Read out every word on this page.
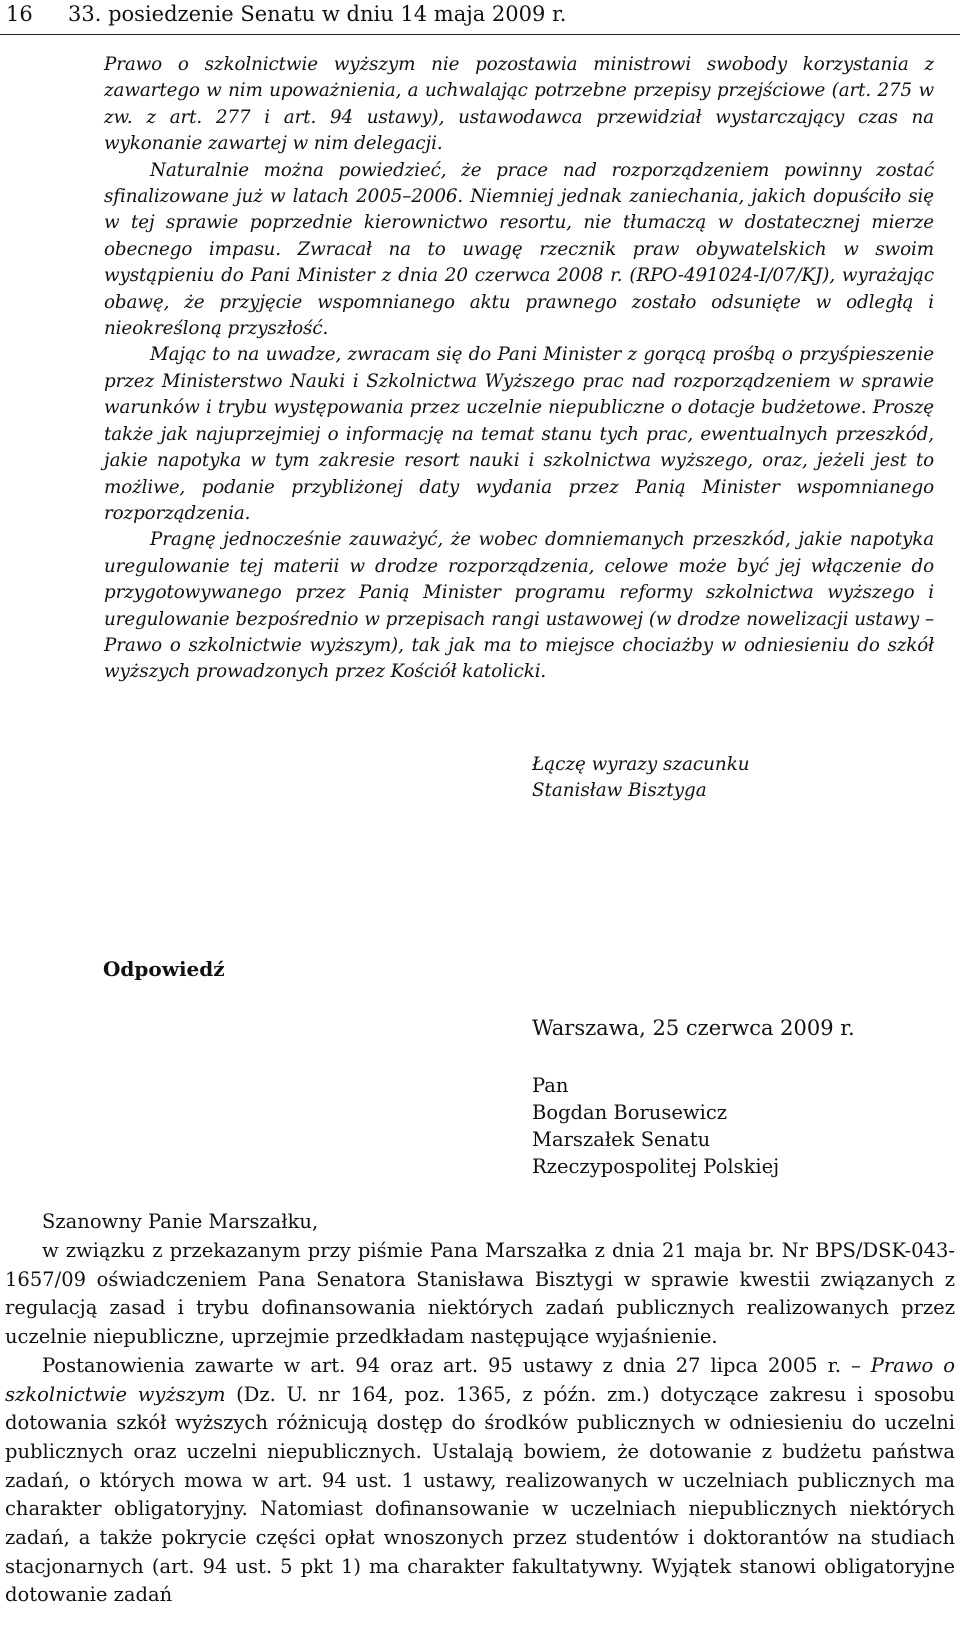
16 33. posiedzenie Senatu w dniu 14 maja 2009 r.

Prawo o szkolnictwie wyższym nie pozostawia ministrowi swobody korzystania z zawartego w nim upoważnienia, a uchwalając potrzebne przepisy przejściowe (art. 275 w zw. z art. 277 i art. 94 ustawy), ustawodawca przewidział wystarczający czas na wykonanie zawartej w nim delegacji.

Naturalnie można powiedzieć, że prace nad rozporządzeniem powinny zostać sfinalizowane już w latach 2005–2006. Niemniej jednak zaniechania, jakich dopuściło się w tej sprawie poprzednie kierownictwo resortu, nie tłumaczą w dostatecznej mierze obecnego impasu. Zwracał na to uwagę rzecznik praw obywatelskich w swoim wystąpieniu do Pani Minister z dnia 20 czerwca 2008 r. (RPO-491024-I/07/KJ), wyrażając obawę, że przyjęcie wspomnianego aktu prawnego zostało odsunięte w odległą i nieokreśloną przyszłość.

Mając to na uwadze, zwracam się do Pani Minister z gorącą prośbą o przyśpieszenie przez Ministerstwo Nauki i Szkolnictwa Wyższego prac nad rozporządzeniem w sprawie warunków i trybu występowania przez uczelnie niepubliczne o dotacje budżetowe. Proszę także jak najuprzejmiej o informację na temat stanu tych prac, ewentualnych przeszkód, jakie napotyka w tym zakresie resort nauki i szkolnictwa wyższego, oraz, jeżeli jest to możliwe, podanie przybliżonej daty wydania przez Panią Minister wspomnianego rozporządzenia.

Pragnę jednocześnie zauważyć, że wobec domniemanych przeszkód, jakie napotyka uregulowanie tej materii w drodze rozporządzenia, celowe może być jej włączenie do przygotowywanego przez Panią Minister programu reformy szkolnictwa wyższego i uregulowanie bezpośrednio w przepisach rangi ustawowej (w drodze nowelizacji ustawy – Prawo o szkolnictwie wyższym), tak jak ma to miejsce chociażby w odniesieniu do szkół wyższych prowadzonych przez Kościół katolicki.

Łączę wyrazy szacunku
Stanisław Bisztyga
Odpowiedź
Warszawa, 25 czerwca 2009 r.
Pan
Bogdan Borusewicz
Marszałek Senatu
Rzeczypospolitej Polskiej
Szanowny Panie Marszałku,

w związku z przekazanym przy piśmie Pana Marszałka z dnia 21 maja br. Nr BPS/DSK-043-1657/09 oświadczeniem Pana Senatora Stanisława Bisztygi w sprawie kwestii związanych z regulacją zasad i trybu dofinansowania niektórych zadań publicznych realizowanych przez uczelnie niepubliczne, uprzejmie przedkładam następujące wyjaśnienie.

Postanowienia zawarte w art. 94 oraz art. 95 ustawy z dnia 27 lipca 2005 r. – Prawo o szkolnictwie wyższym (Dz. U. nr 164, poz. 1365, z późn. zm.) dotyczące zakresu i sposobu dotowania szkół wyższych różnicują dostęp do środków publicznych w odniesieniu do uczelni publicznych oraz uczelni niepublicznych. Ustalają bowiem, że dotowanie z budżetu państwa zadań, o których mowa w art. 94 ust. 1 ustawy, realizowanych w uczelniach publicznych ma charakter obligatoryjny. Natomiast dofinansowanie w uczelniach niepublicznych niektórych zadań, a także pokrycie części opłat wnoszonych przez studentów i doktorantów na studiach stacjonarnych (art. 94 ust. 5 pkt 1) ma charakter fakultatywny. Wyjątek stanowi obligatoryjne dotowanie zadań
